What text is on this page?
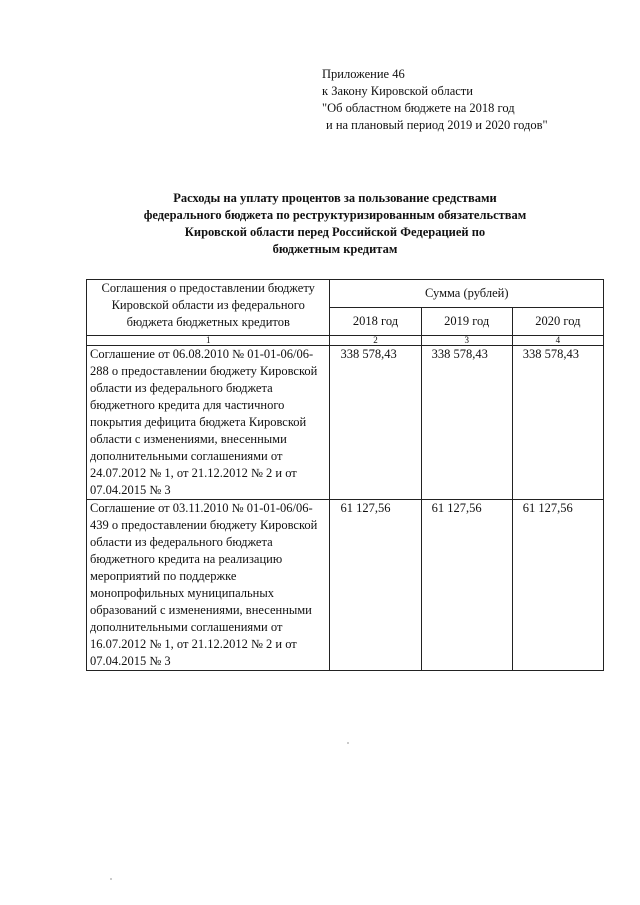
Приложение 46
к Закону Кировской области
"Об областном бюджете на 2018 год
и на плановый период 2019 и 2020 годов"
Расходы на уплату процентов за пользование средствами
федерального бюджета по реструктуризированным обязательствам
Кировской области перед Российской Федерацией по
бюджетным кредитам
Соглашения о предоставлении бюджету Кировской области из федерального бюджета бюджетных кредитов	Сумма (рублей)		
	2018 год	2019 год	2020 год
1	2	3	4
Соглашение от 06.08.2010 № 01-01-06/06-288 о предоставлении бюджету Кировской области из федерального бюджета бюджетного кредита для частичного покрытия дефицита бюджета Кировской области с изменениями, внесенными дополнительными соглашениями от 24.07.2012 № 1, от 21.12.2012 № 2 и от 07.04.2015 № 3	338 578,43	338 578,43	338 578,43
Соглашение от 03.11.2010 № 01-01-06/06-439 о предоставлении бюджету Кировской области из федерального бюджета бюджетного кредита на реализацию мероприятий по поддержке монопрофильных муниципальных образований с изменениями, внесенными дополнительными соглашениями от 16.07.2012 № 1, от 21.12.2012 № 2 и от 07.04.2015 № 3	61 127,56	61 127,56	61 127,56
